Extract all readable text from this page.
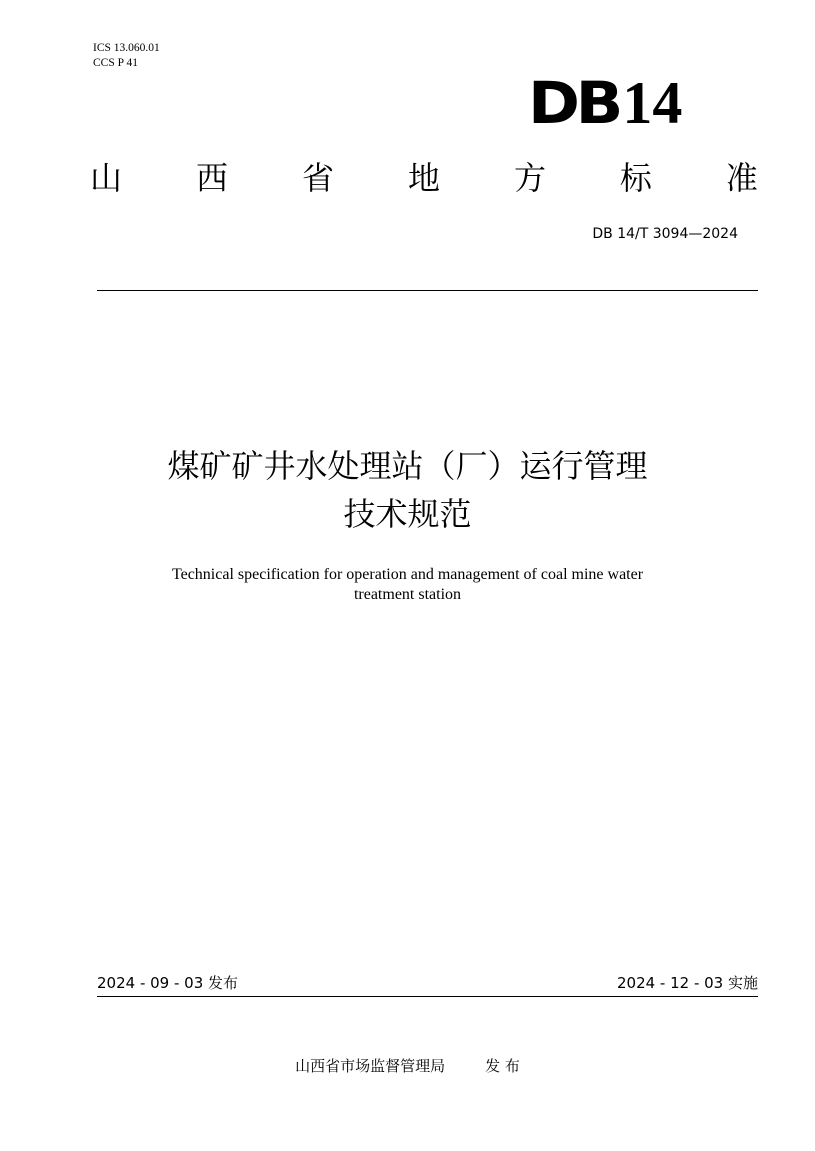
ICS 13.060.01
CCS P 41
DB14
山 西 省 地 方 标 准
DB 14/T 3094—2024
煤矿矿井水处理站（厂）运行管理
技术规范
Technical specification for operation and management of coal mine water
treatment station
2024 - 09 - 03 发布	2024 - 12 - 03 实施
山西省市场监督管理局	发 布
